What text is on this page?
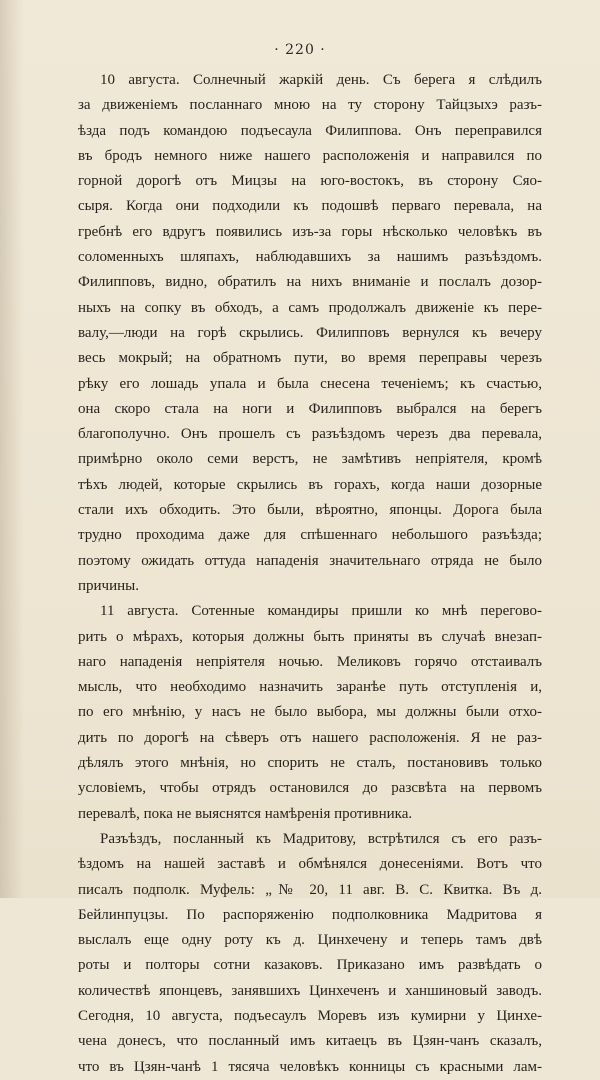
· 220 ·
10 августа. Солнечный жаркій день. Съ берега я слѣдилъ
за движеніемъ посланнаго мною на ту сторону Тайцзыхэ разъ-
ѣзда подъ командою подъесаула Филиппова. Онъ переправился
въ бродъ немного ниже нашего расположенія и направился по
горной дорогѣ отъ Мицзы на юго-востокъ, въ сторону Сяо-
сыря. Когда они подходили къ подошвѣ перваго перевала, на
гребнѣ его вдругъ появились изъ-за горы нѣсколько человѣкъ въ
соломенныхъ шляпахъ, наблюдавшихъ за нашимъ разъѣздомъ.
Филипповъ, видно, обратилъ на нихъ вниманіе и послалъ дозор-
ныхъ на сопку въ обходъ, а самъ продолжалъ движеніе къ пере-
валу,—люди на горѣ скрылись. Филипповъ вернулся къ вечеру
весь мокрый; на обратномъ пути, во время переправы черезъ
рѣку его лошадь упала и была снесена теченіемъ; къ счастью,
она скоро стала на ноги и Филипповъ выбрался на берегъ
благополучно. Онъ прошелъ съ разъѣздомъ черезъ два перевала,
примѣрно около семи верстъ, не замѣтивъ непріятеля, кромѣ
тѣхъ людей, которые скрылись въ горахъ, когда наши дозорные
стали ихъ обходить. Это были, вѣроятно, японцы. Дорога была
трудно проходима даже для спѣшеннаго небольшого разъѣзда;
поэтому ожидать оттуда нападенія значительнаго отряда не было
причины.
11 августа. Сотенные командиры пришли ко мнѣ перегово-
рить о мѣрахъ, которыя должны быть приняты въ случаѣ внезап-
наго нападенія непріятеля ночью. Меликовъ горячо отстаивалъ
мысль, что необходимо назначить заранѣе путь отступленія и,
по его мнѣнію, у насъ не было выбора, мы должны были отхо-
дить по дорогѣ на сѣверъ отъ нашего расположенія. Я не раз-
дѣлялъ этого мнѣнія, но спорить не сталъ, постановивъ только
условіемъ, чтобы отрядъ остановился до разсвѣта на первомъ
перевалѣ, пока не выяснятся намѣренія противника.
Разъѣздъ, посланный къ Мадритову, встрѣтился съ его разъ-
ѣздомъ на нашей заставѣ и обмѣнялся донесеніями. Вотъ что
писалъ подполк. Муфель: „№ 20, 11 авг. В. С. Квитка. Въ д.
Бейлинпуцзы. По распоряженію подполковника Мадритова я
выслалъ еще одну роту къ д. Цинхечену и теперь тамъ двѣ
роты и полторы сотни казаковъ. Приказано имъ развѣдать о
количествѣ японцевъ, занявшихъ Цинхеченъ и ханшиновый заводъ.
Сегодня, 10 августа, подъесаулъ Моревъ изъ кумирни у Цинхе-
чена донесъ, что посланный имъ китаецъ въ Цзян-чанъ сказалъ,
что въ Цзян-чанѣ 1 тясяча человѣкъ конницы съ красными лам-
